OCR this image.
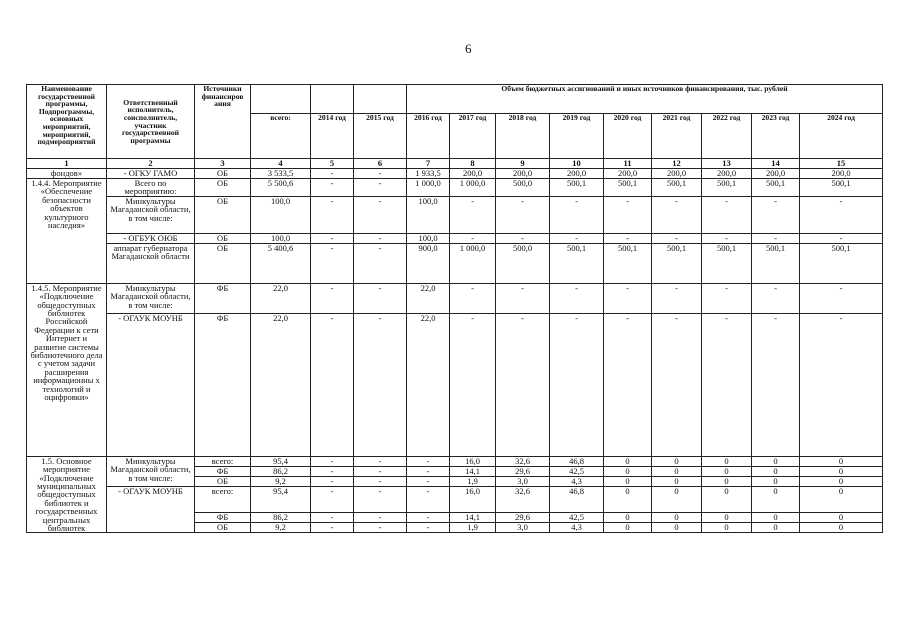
6
Наименование государственной программы, Подпрограммы, основных мероприятий, мероприятий, подмероприятий	Ответственный исполнитель, соисполнитель, участник государственной программы	Источники финансиров ания				Объем бюджетных ассигнований и иных источников финансирования, тыс. рублей								
			всего:	2014 год	2015 год	2016 год	2017 год	2018 год	2019 год	2020 год	2021 год	2022 год	2023 год	2024 год
1	2	3	4	5	6	7	8	9	10	11	12	13	14	15
фондов»	- ОГКУ ГАМО	ОБ	3 533,5	-	-	1 933,5	200,0	200,0	200,0	200,0	200,0	200,0	200,0	200,0
1.4.4. Мероприятие «Обеспечение безопасности объектов культурного наследия»	Всего по мероприятию:	ОБ	5 500,6	-	-	1 000,0	1 000,0	500,0	500,1	500,1	500,1	500,1	500,1	500,1
	Минкультуры Магаданской области, в том числе:	ОБ	100,0	-	-	100,0	-	-	-	-	-	-	-	-
	- ОГБУК ОЮБ	ОБ	100,0	-	-	100,0	-	-	-	-	-	-	-	-
	аппарат губернатора Магаданской области	ОБ	5 400,6	-	-	900,0	1 000,0	500,0	500,1	500,1	500,1	500,1	500,1	500,1
1.4.5. Мероприятие «Подключение общедоступных библиотек Российской Федерации к сети Интернет и развитие системы библиотечного дела с учетом задачи расширения информационны х технологий и оцифровки»	Минкультуры Магаданской области, в том числе:	ФБ	22,0	-	-	22,0	-	-	-	-	-	-	-	-
	- ОГАУК МОУНБ	ФБ	22,0	-	-	22,0	-	-	-	-	-	-	-	-
1.5. Основное мероприятие «Подключение муниципальных общедоступных библиотек и государственных центральных библиотек	Минкультуры Магаданской области, в том числе:	всего:	95,4	-	-	-	16,0	32,6	46,8	0	0	0	0	0
		ФБ	86,2	-	-	-	14,1	29,6	42,5	0	0	0	0	0
		ОБ	9,2	-	-	-	1,9	3,0	4,3	0	0	0	0	0
	- ОГАУК МОУНБ	всего:	95,4	-	-	-	16,0	32,6	46,8	0	0	0	0	0
		ФБ	86,2	-	-	-	14,1	29,6	42,5	0	0	0	0	0
		ОБ	9,2	-	-	-	1,9	3,0	4,3	0	0	0	0	0
